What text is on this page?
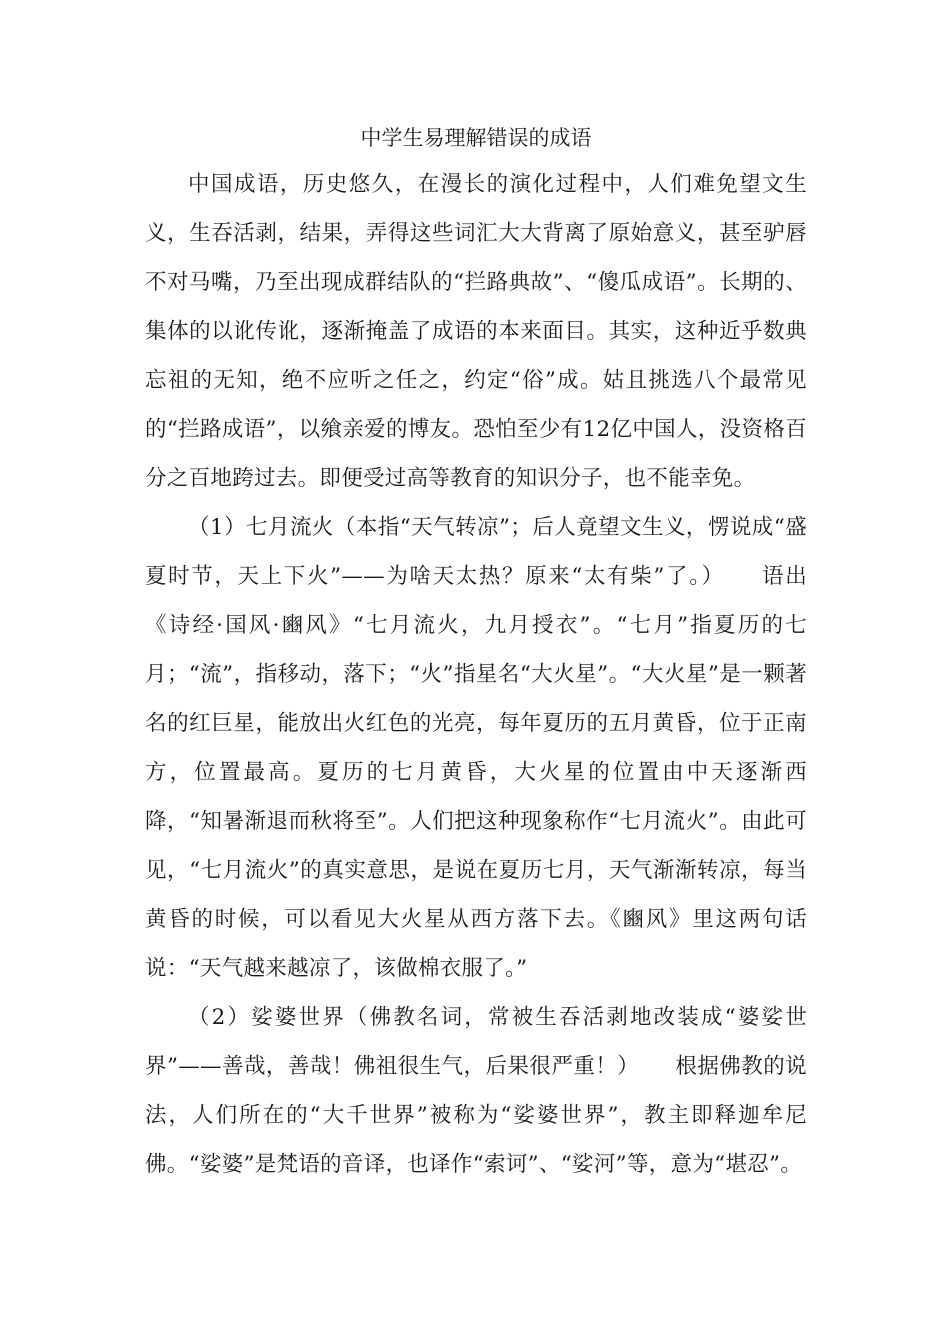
中学生易理解错误的成语

中国成语，历史悠久，在漫长的演化过程中，人们难免望文生义，生吞活剥，结果，弄得这些词汇大大背离了原始意义，甚至驴唇不对马嘴，乃至出现成群结队的“拦路典故”、“傻瓜成语”。长期的、集体的以讹传讹，逐渐掩盖了成语的本来面目。其实，这种近乎数典忘祖的无知，绝不应听之任之，约定“俗”成。姑且挑选八个最常见的“拦路成语”，以飨亲爱的博友。恐怕至少有12亿中国人，没资格百分之百地跨过去。即便受过高等教育的知识分子，也不能幸免。

（1）七月流火（本指“天气转凉”；后人竟望文生义，愣说成“盛夏时节，天上下火”——为啥天太热？原来“太有柴”了。） 语出《诗经·国风·豳风》“七月流火，九月授衣”。“七月”指夏历的七月；“流”，指移动，落下；“火”指星名“大火星”。“大火星”是一颗著名的红巨星，能放出火红色的光亮，每年夏历的五月黄昏，位于正南方，位置最高。夏历的七月黄昏，大火星的位置由中天逐渐西降，“知暑渐退而秋将至”。人们把这种现象称作“七月流火”。由此可见，“七月流火”的真实意思，是说在夏历七月，天气渐渐转凉，每当黄昏的时候，可以看见大火星从西方落下去。《豳风》里这两句话说：“天气越来越凉了，该做棉衣服了。”

（2）娑婆世界（佛教名词，常被生吞活剥地改装成“婆娑世界”——善哉，善哉！佛祖很生气，后果很严重！） 根据佛教的说法，人们所在的“大千世界”被称为“娑婆世界”，教主即释迦牟尼佛。“娑婆”是梵语的音译，也译作“索诃”、“娑河”等，意为“堪忍”。
